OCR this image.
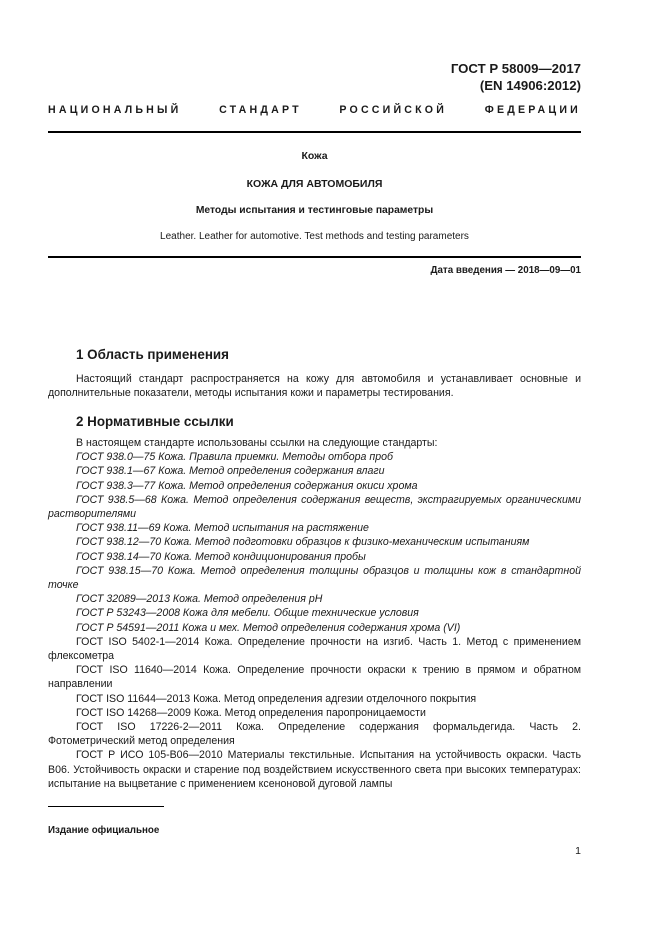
ГОСТ Р 58009—2017
(EN 14906:2012)
НАЦИОНАЛЬНЫЙ	СТАНДАРТ	РОССИЙСКОЙ	ФЕДЕРАЦИИ
Кожа
КОЖА ДЛЯ АВТОМОБИЛЯ
Методы испытания и тестинговые параметры
Leather. Leather for automotive. Test methods and testing parameters
Дата введения — 2018—09—01
1 Область применения

Настоящий стандарт распространяется на кожу для автомобиля и устанавливает основные и дополнительные показатели, методы испытания кожи и параметры тестирования.

2 Нормативные ссылки

В настоящем стандарте использованы ссылки на следующие стандарты:

ГОСТ 938.0—75 Кожа. Правила приемки. Методы отбора проб

ГОСТ 938.1—67 Кожа. Метод определения содержания влаги

ГОСТ 938.3—77 Кожа. Метод определения содержания окиси хрома

ГОСТ 938.5—68 Кожа. Метод определения содержания веществ, экстрагируемых органическими растворителями

ГОСТ 938.11—69 Кожа. Метод испытания на растяжение

ГОСТ 938.12—70 Кожа. Метод подготовки образцов к физико-механическим испытаниям

ГОСТ 938.14—70 Кожа. Метод кондиционирования пробы

ГОСТ 938.15—70 Кожа. Метод определения толщины образцов и толщины кож в стандартной точке

ГОСТ 32089—2013 Кожа. Метод определения pH

ГОСТ Р 53243—2008 Кожа для мебели. Общие технические условия

ГОСТ Р 54591—2011 Кожа и мех. Метод определения содержания хрома (VI)

ГОСТ ISO 5402-1—2014 Кожа. Определение прочности на изгиб. Часть 1. Метод с применением флексометра

ГОСТ ISO 11640—2014 Кожа. Определение прочности окраски к трению в прямом и обратном направлении

ГОСТ ISO 11644—2013 Кожа. Метод определения адгезии отделочного покрытия

ГОСТ ISO 14268—2009 Кожа. Метод определения паропроницаемости

ГОСТ ISO 17226-2—2011 Кожа. Определение содержания формальдегида. Часть 2. Фотометрический метод определения

ГОСТ Р ИСО 105-B06—2010 Материалы текстильные. Испытания на устойчивость окраски. Часть B06. Устойчивость окраски и старение под воздействием искусственного света при высоких температурах: испытание на выцветание с применением ксеноновой дуговой лампы

Издание официальное
1
